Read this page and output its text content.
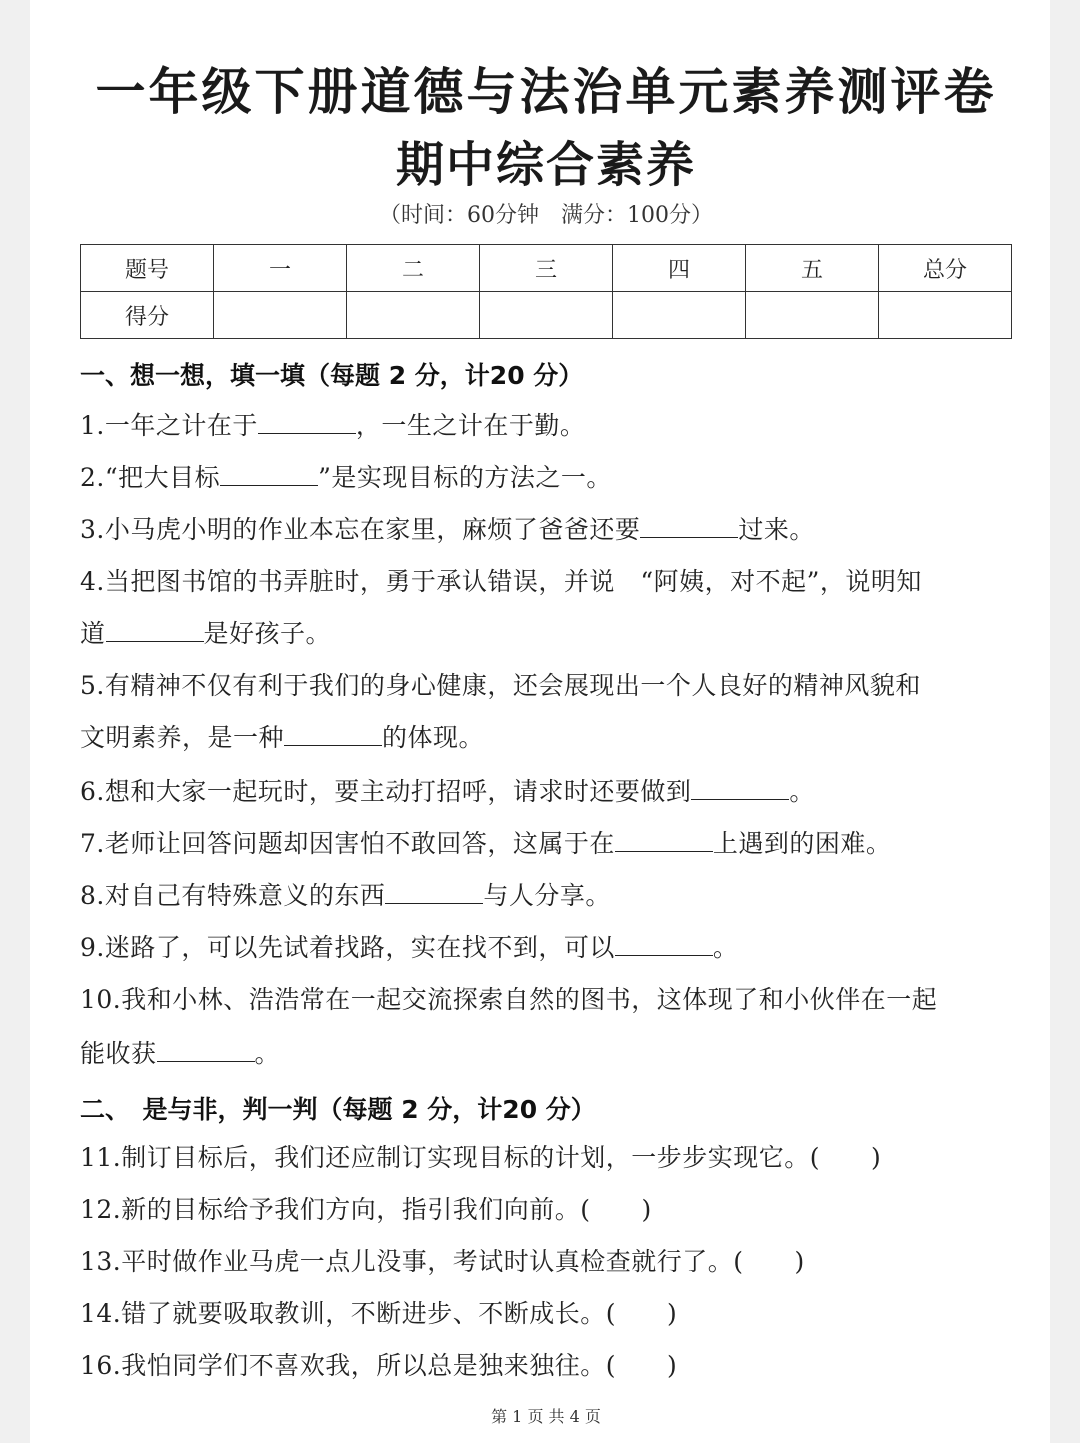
一年级下册道德与法治单元素养测评卷
期中综合素养
（时间：60分钟　满分：100分）
题号	一	二	三	四	五	总分
得分						
一、想一想，填一填（每题 2 分，计20 分）
1.一年之计在于	，一生之计在于勤。
2.“把大目标	”是实现目标的方法之一。
3.小马虎小明的作业本忘在家里，麻烦了爸爸还要	过来。
4.当把图书馆的书弄脏时，勇于承认错误，并说　“阿姨，对不起”，说明知
道	是好孩子。
5.有精神不仅有利于我们的身心健康，还会展现出一个人良好的精神风貌和
文明素养，是一种	的体现。
6.想和大家一起玩时，要主动打招呼，请求时还要做到	。
7.老师让回答问题却因害怕不敢回答，这属于在	上遇到的困难。
8.对自己有特殊意义的东西	与人分享。
9.迷路了，可以先试着找路，实在找不到，可以	。
10.我和小林、浩浩常在一起交流探索自然的图书，这体现了和小伙伴在一起
能收获	。
二、　是与非，判一判（每题 2 分，计20 分）
11.制订目标后，我们还应制订实现目标的计划，一步步实现它。(　　)
12.新的目标给予我们方向，指引我们向前。(　　)
13.平时做作业马虎一点儿没事，考试时认真检查就行了。(　　)
14.错了就要吸取教训，不断进步、不断成长。(　　)
16.我怕同学们不喜欢我，所以总是独来独往。(　　)
第 1 页 共 4 页
